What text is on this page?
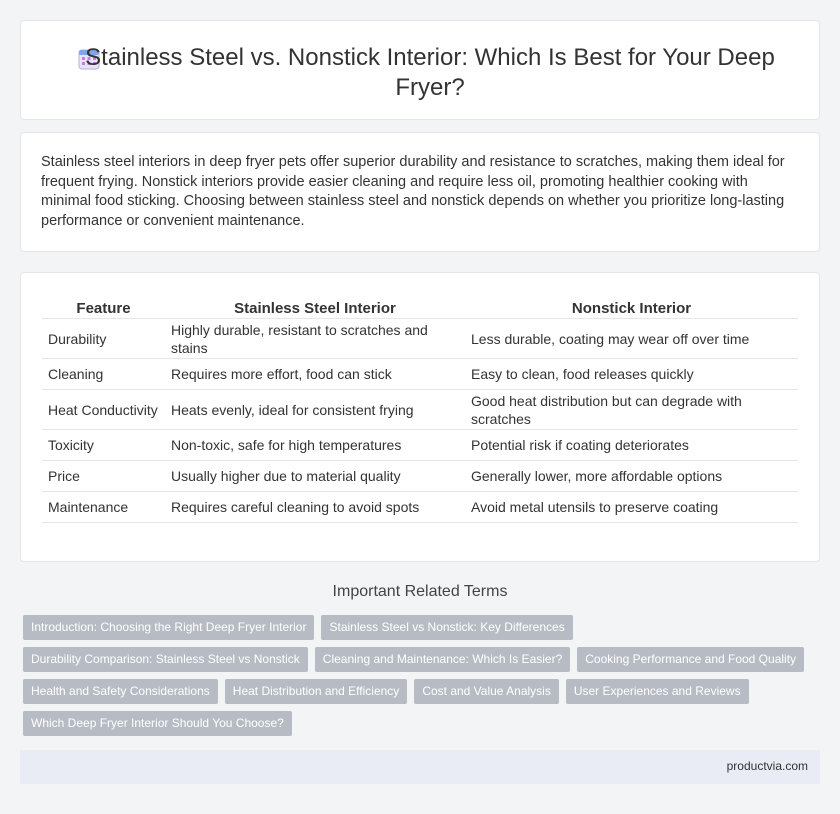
Stainless Steel vs. Nonstick Interior: Which Is Best for Your Deep Fryer?

Stainless steel interiors in deep fryer pets offer superior durability and resistance to scratches, making them ideal for frequent frying. Nonstick interiors provide easier cleaning and require less oil, promoting healthier cooking with minimal food sticking. Choosing between stainless steel and nonstick depends on whether you prioritize long-lasting performance or convenient maintenance.

Feature	Stainless Steel Interior	Nonstick Interior
Durability	Highly durable, resistant to scratches and stains	Less durable, coating may wear off over time
Cleaning	Requires more effort, food can stick	Easy to clean, food releases quickly
Heat Conductivity	Heats evenly, ideal for consistent frying	Good heat distribution but can degrade with scratches
Toxicity	Non-toxic, safe for high temperatures	Potential risk if coating deteriorates
Price	Usually higher due to material quality	Generally lower, more affordable options
Maintenance	Requires careful cleaning to avoid spots	Avoid metal utensils to preserve coating
Important Related Terms
Introduction: Choosing the Right Deep Fryer Interior	Stainless Steel vs Nonstick: Key Differences
Durability Comparison: Stainless Steel vs Nonstick	Cleaning and Maintenance: Which Is Easier?	Cooking Performance and Food Quality
Health and Safety Considerations	Heat Distribution and Efficiency	Cost and Value Analysis	User Experiences and Reviews
Which Deep Fryer Interior Should You Choose?
productvia.com
